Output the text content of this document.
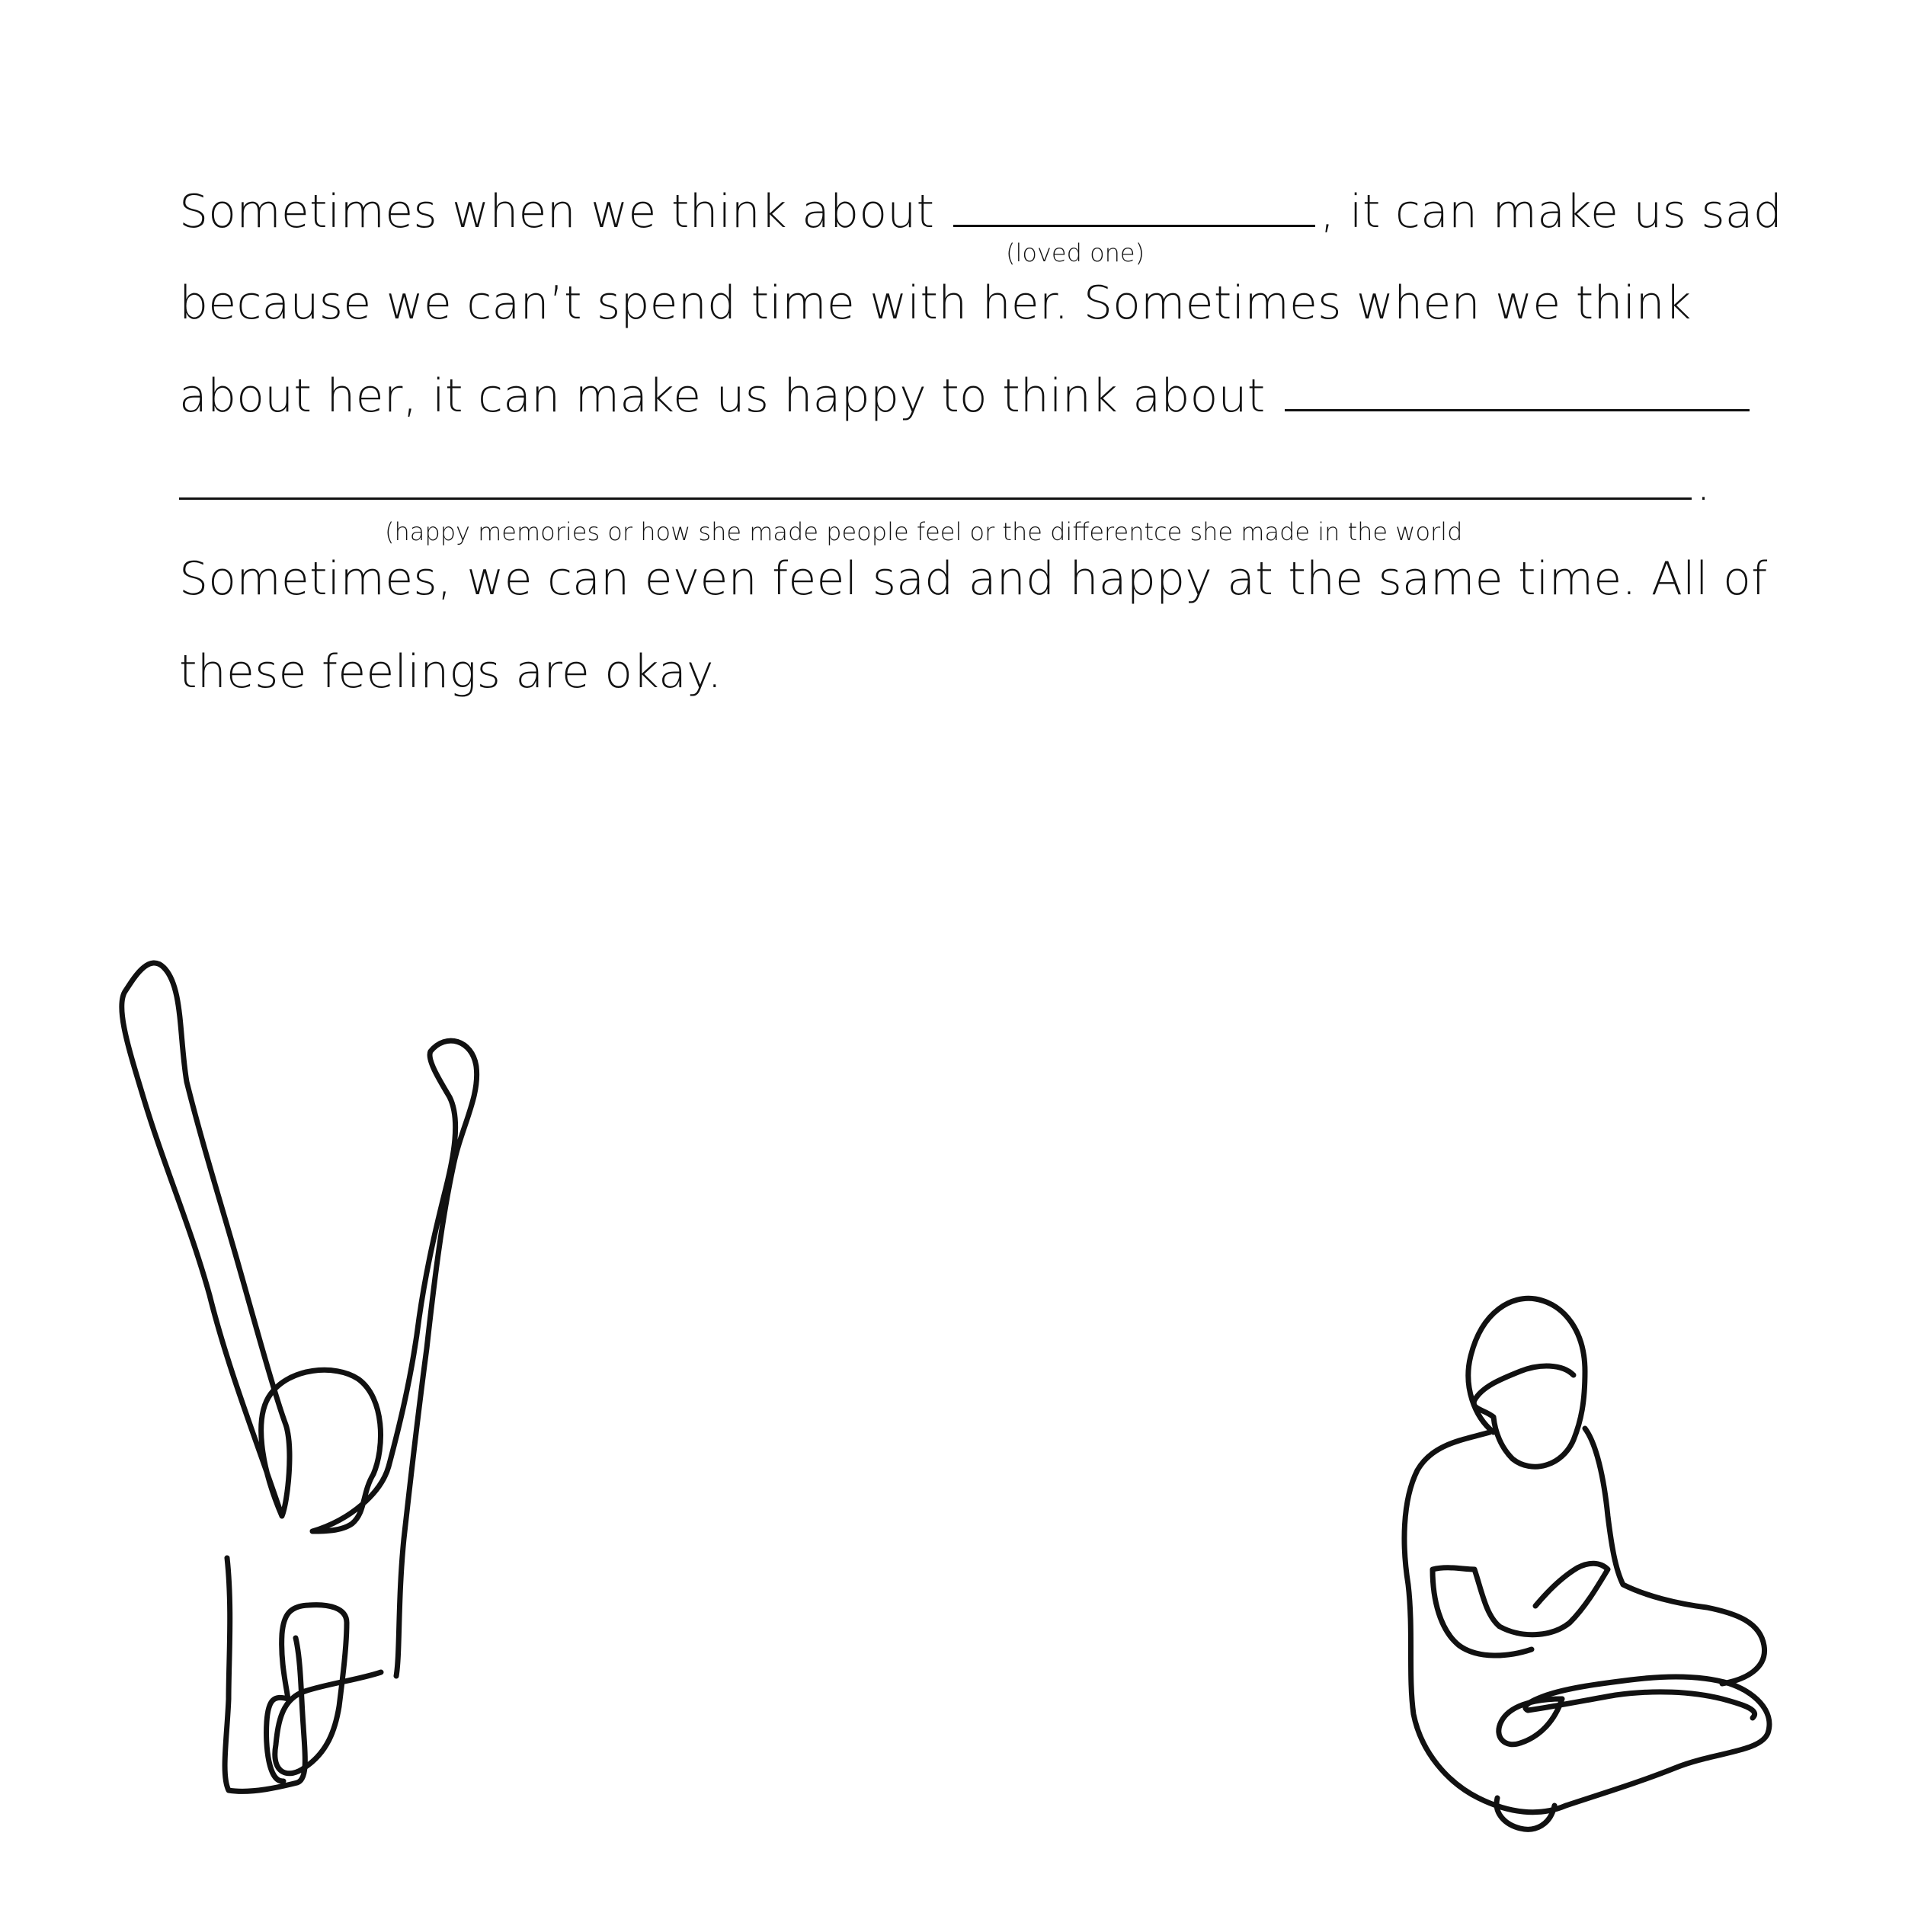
Sometimes when we think about	, it can make us sad
(loved one)
because we can’t spend time with her. Sometimes when we think
about her, it can make us happy to think about
.
(happy memories or how she made people feel or the differentce she made in the world
Sometimes, we can even feel sad and happy at the same time. All of
these feelings are okay.
